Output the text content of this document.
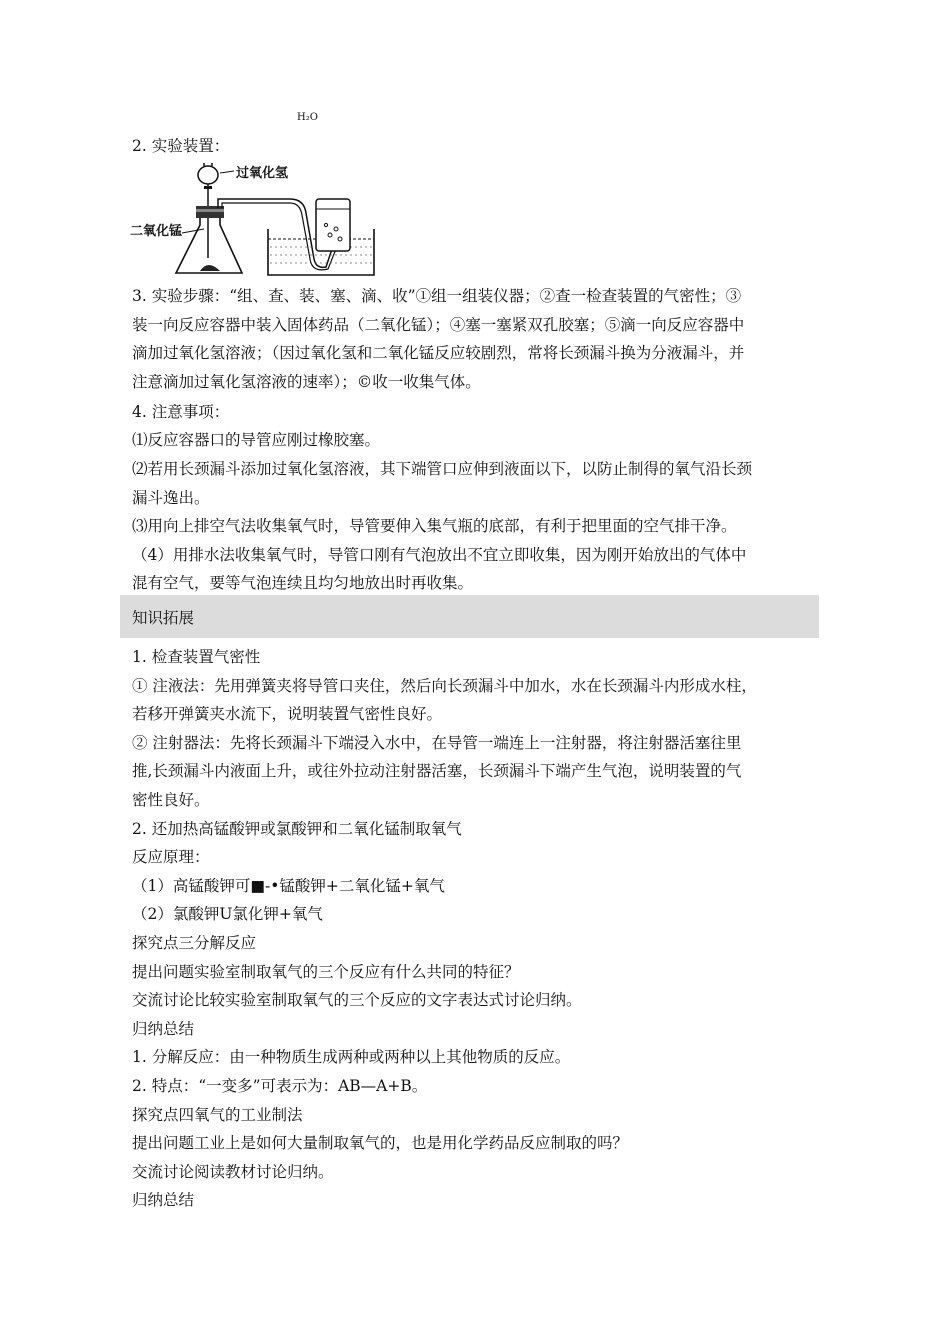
H₂O
2. 实验装置：
过氧化氢
二氧化锰
3. 实验步骤：“组、查、装、塞、滴、收”①组一组装仪器；②查一检查装置的气密性；③
装一向反应容器中装入固体药品（二氧化锰）；④塞一塞紧双孔胶塞；⑤滴一向反应容器中
滴加过氧化氢溶液；（因过氧化氢和二氧化锰反应较剧烈，常将长颈漏斗换为分液漏斗，并
注意滴加过氧化氢溶液的速率）；©收一收集气体。
4. 注意事项：
⑴反应容器口的导管应刚过橡胶塞。
⑵若用长颈漏斗添加过氧化氢溶液，其下端管口应伸到液面以下，以防止制得的氧气沿长颈
漏斗逸出。
⑶用向上排空气法收集氧气时，导管要伸入集气瓶的底部，有利于把里面的空气排干净。
（4）用排水法收集氧气时，导管口刚有气泡放出不宜立即收集，因为刚开始放出的气体中
混有空气，要等气泡连续且均匀地放出时再收集。
知识拓展
1. 检查装置气密性
① 注液法：先用弹簧夹将导管口夹住，然后向长颈漏斗中加水，水在长颈漏斗内形成水柱，
若移开弹簧夹水流下，说明装置气密性良好。
② 注射器法：先将长颈漏斗下端浸入水中，在导管一端连上一注射器，将注射器活塞往里
推,长颈漏斗内液面上升，或往外拉动注射器活塞，长颈漏斗下端产生气泡，说明装置的气
密性良好。
2. 还加热高锰酸钾或氯酸钾和二氧化锰制取氧气
反应原理：
（1）高锰酸钾可■-•锰酸钾+二氧化锰+氧气
（2）氯酸钾U氯化钾+氧气
探究点三分解反应
提出问题实验室制取氧气的三个反应有什么共同的特征？
交流讨论比较实验室制取氧气的三个反应的文字表达式讨论归纳。
归纳总结
1. 分解反应：由一种物质生成两种或两种以上其他物质的反应。
2. 特点：“一变多”可表示为：AB—A+B。
探究点四氧气的工业制法
提出问题工业上是如何大量制取氧气的，也是用化学药品反应制取的吗？
交流讨论阅读教材讨论归纳。
归纳总结
